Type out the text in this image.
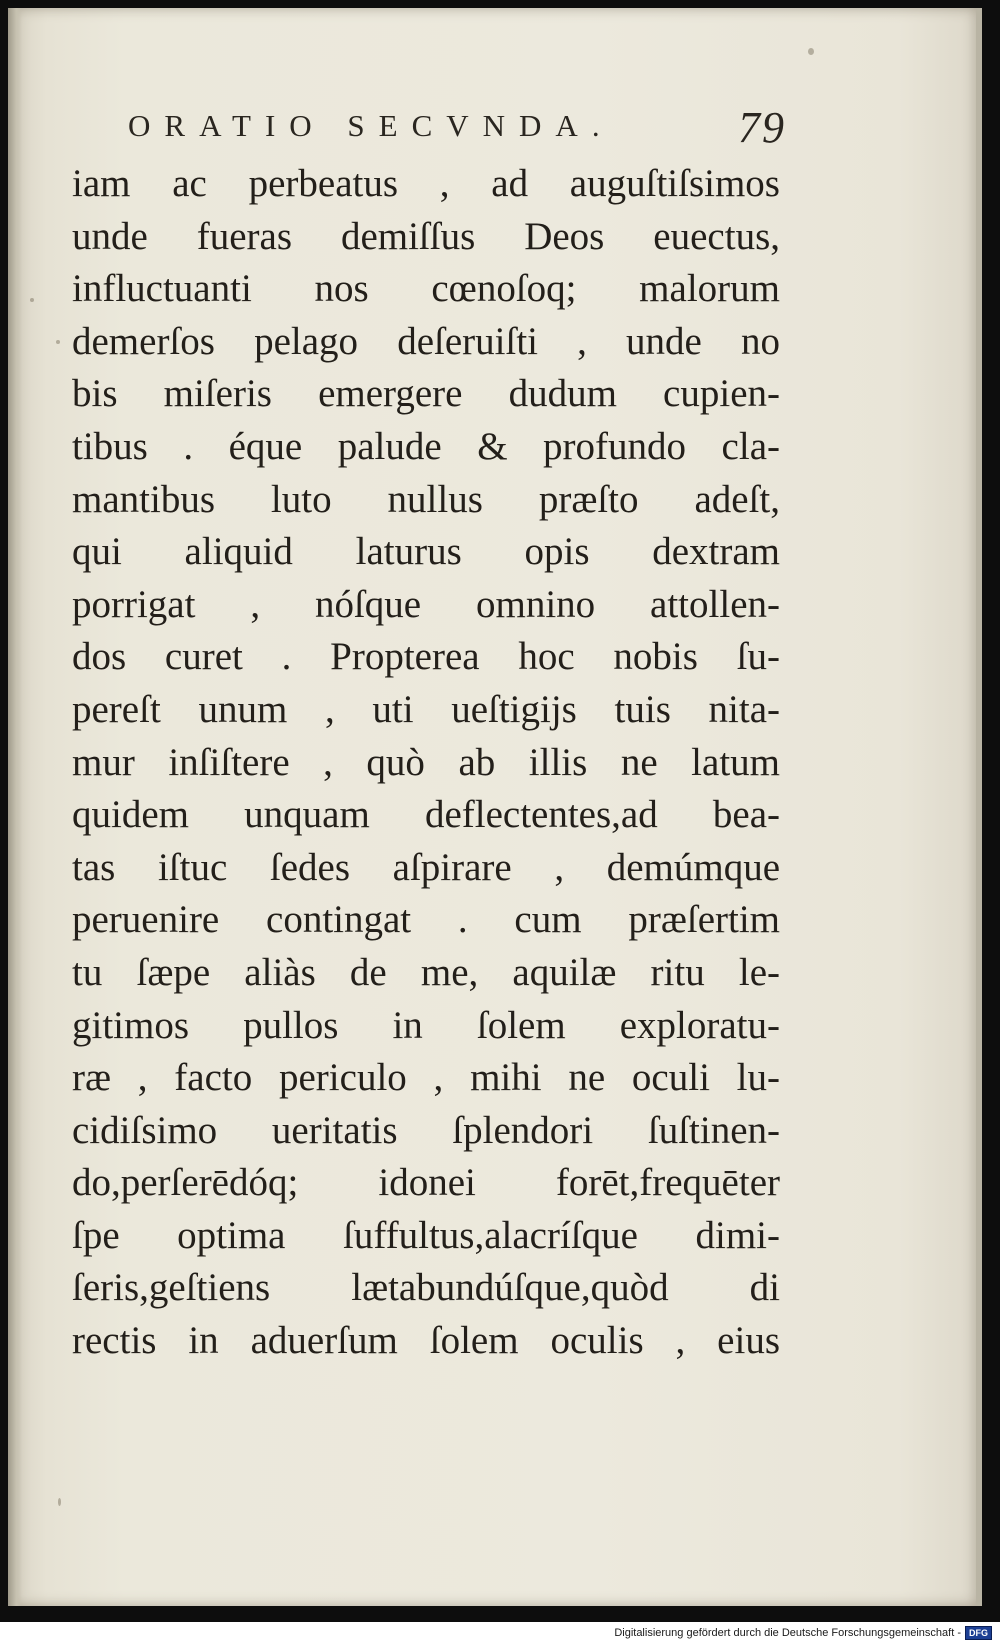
ORATIO SECVNDA.	79
iam ac perbeatus , ad auguſtiſsimos
unde fueras demiſſus Deos euectus,
influctuanti nos cœnoſoq; malorum
demerſos pelago deſeruiſti , unde no
bis miſeris emergere dudum cupien-
tibus . éque palude & profundo cla-
mantibus luto nullus præſto adeſt,
qui aliquid laturus opis dextram
porrigat , nóſque omnino attollen-
dos curet . Propterea hoc nobis ſu-
pereſt unum , uti ueſtigijs tuis nita-
mur inſiſtere , quò ab illis ne latum
quidem unquam deflectentes,ad bea-
tas iſtuc ſedes aſpirare , demúmque
peruenire contingat . cum præſertim
tu ſæpe aliàs de me, aquilæ ritu le-
gitimos pullos in ſolem exploratu-
ræ , facto periculo , mihi ne oculi lu-
cidiſsimo ueritatis ſplendori ſuſtinen-
do,perſerēdóq; idonei forēt,frequēter
ſpe optima ſuffultus,alacríſque dimi-
ſeris,geſtiens lætabundúſque,quòd di
rectis in aduerſum ſolem oculis , eius
Digitalisierung gefördert durch die Deutsche Forschungsgemeinschaft - DFG
